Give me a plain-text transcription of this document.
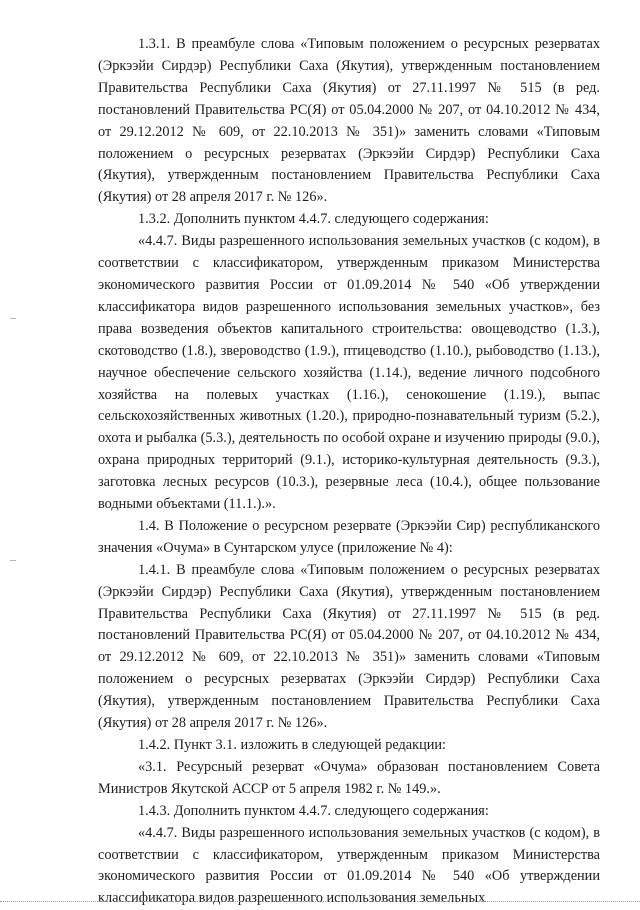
1.3.1. В преамбуле слова «Типовым положением о ресурсных резерватах (Эркээйи Сирдэр) Республики Саха (Якутия), утвержденным постановлением Правительства Республики Саха (Якутия) от 27.11.1997 № 515 (в ред. постановлений Правительства РС(Я) от 05.04.2000 № 207, от 04.10.2012 № 434, от 29.12.2012 № 609, от 22.10.2013 № 351)» заменить словами «Типовым положением о ресурсных резерватах (Эркээйи Сирдэр) Республики Саха (Якутия), утвержденным постановлением Правительства Республики Саха (Якутия) от 28 апреля 2017 г. № 126».

1.3.2. Дополнить пунктом 4.4.7. следующего содержания:

«4.4.7. Виды разрешенного использования земельных участков (с кодом), в соответствии с классификатором, утвержденным приказом Министерства экономического развития России от 01.09.2014 № 540 «Об утверждении классификатора видов разрешенного использования земельных участков», без права возведения объектов капитального строительства: овощеводство (1.3.), скотоводство (1.8.), звероводство (1.9.), птицеводство (1.10.), рыбоводство (1.13.), научное обеспечение сельского хозяйства (1.14.), ведение личного подсобного хозяйства на полевых участках (1.16.), сенокошение (1.19.), выпас сельскохозяйственных животных (1.20.), природно-познавательный туризм (5.2.), охота и рыбалка (5.3.), деятельность по особой охране и изучению природы (9.0.), охрана природных территорий (9.1.), историко-культурная деятельность (9.3.), заготовка лесных ресурсов (10.3.), резервные леса (10.4.), общее пользование водными объектами (11.1.).».

1.4. В Положение о ресурсном резервате (Эркээйи Сир) республиканского значения «Очума» в Сунтарском улусе (приложение № 4):

1.4.1. В преамбуле слова «Типовым положением о ресурсных резерватах (Эркээйи Сирдэр) Республики Саха (Якутия), утвержденным постановлением Правительства Республики Саха (Якутия) от 27.11.1997 № 515 (в ред. постановлений Правительства РС(Я) от 05.04.2000 № 207, от 04.10.2012 № 434, от 29.12.2012 № 609, от 22.10.2013 № 351)» заменить словами «Типовым положением о ресурсных резерватах (Эркээйи Сирдэр) Республики Саха (Якутия), утвержденным постановлением Правительства Республики Саха (Якутия) от 28 апреля 2017 г. № 126».

1.4.2. Пункт 3.1. изложить в следующей редакции:

«3.1. Ресурсный резерват «Очума» образован постановлением Совета Министров Якутской АССР от 5 апреля 1982 г. № 149.».

1.4.3. Дополнить пунктом 4.4.7. следующего содержания:

«4.4.7. Виды разрешенного использования земельных участков (с кодом), в соответствии с классификатором, утвержденным приказом Министерства экономического развития России от 01.09.2014 № 540 «Об утверждении классификатора видов разрешенного использования земельных
